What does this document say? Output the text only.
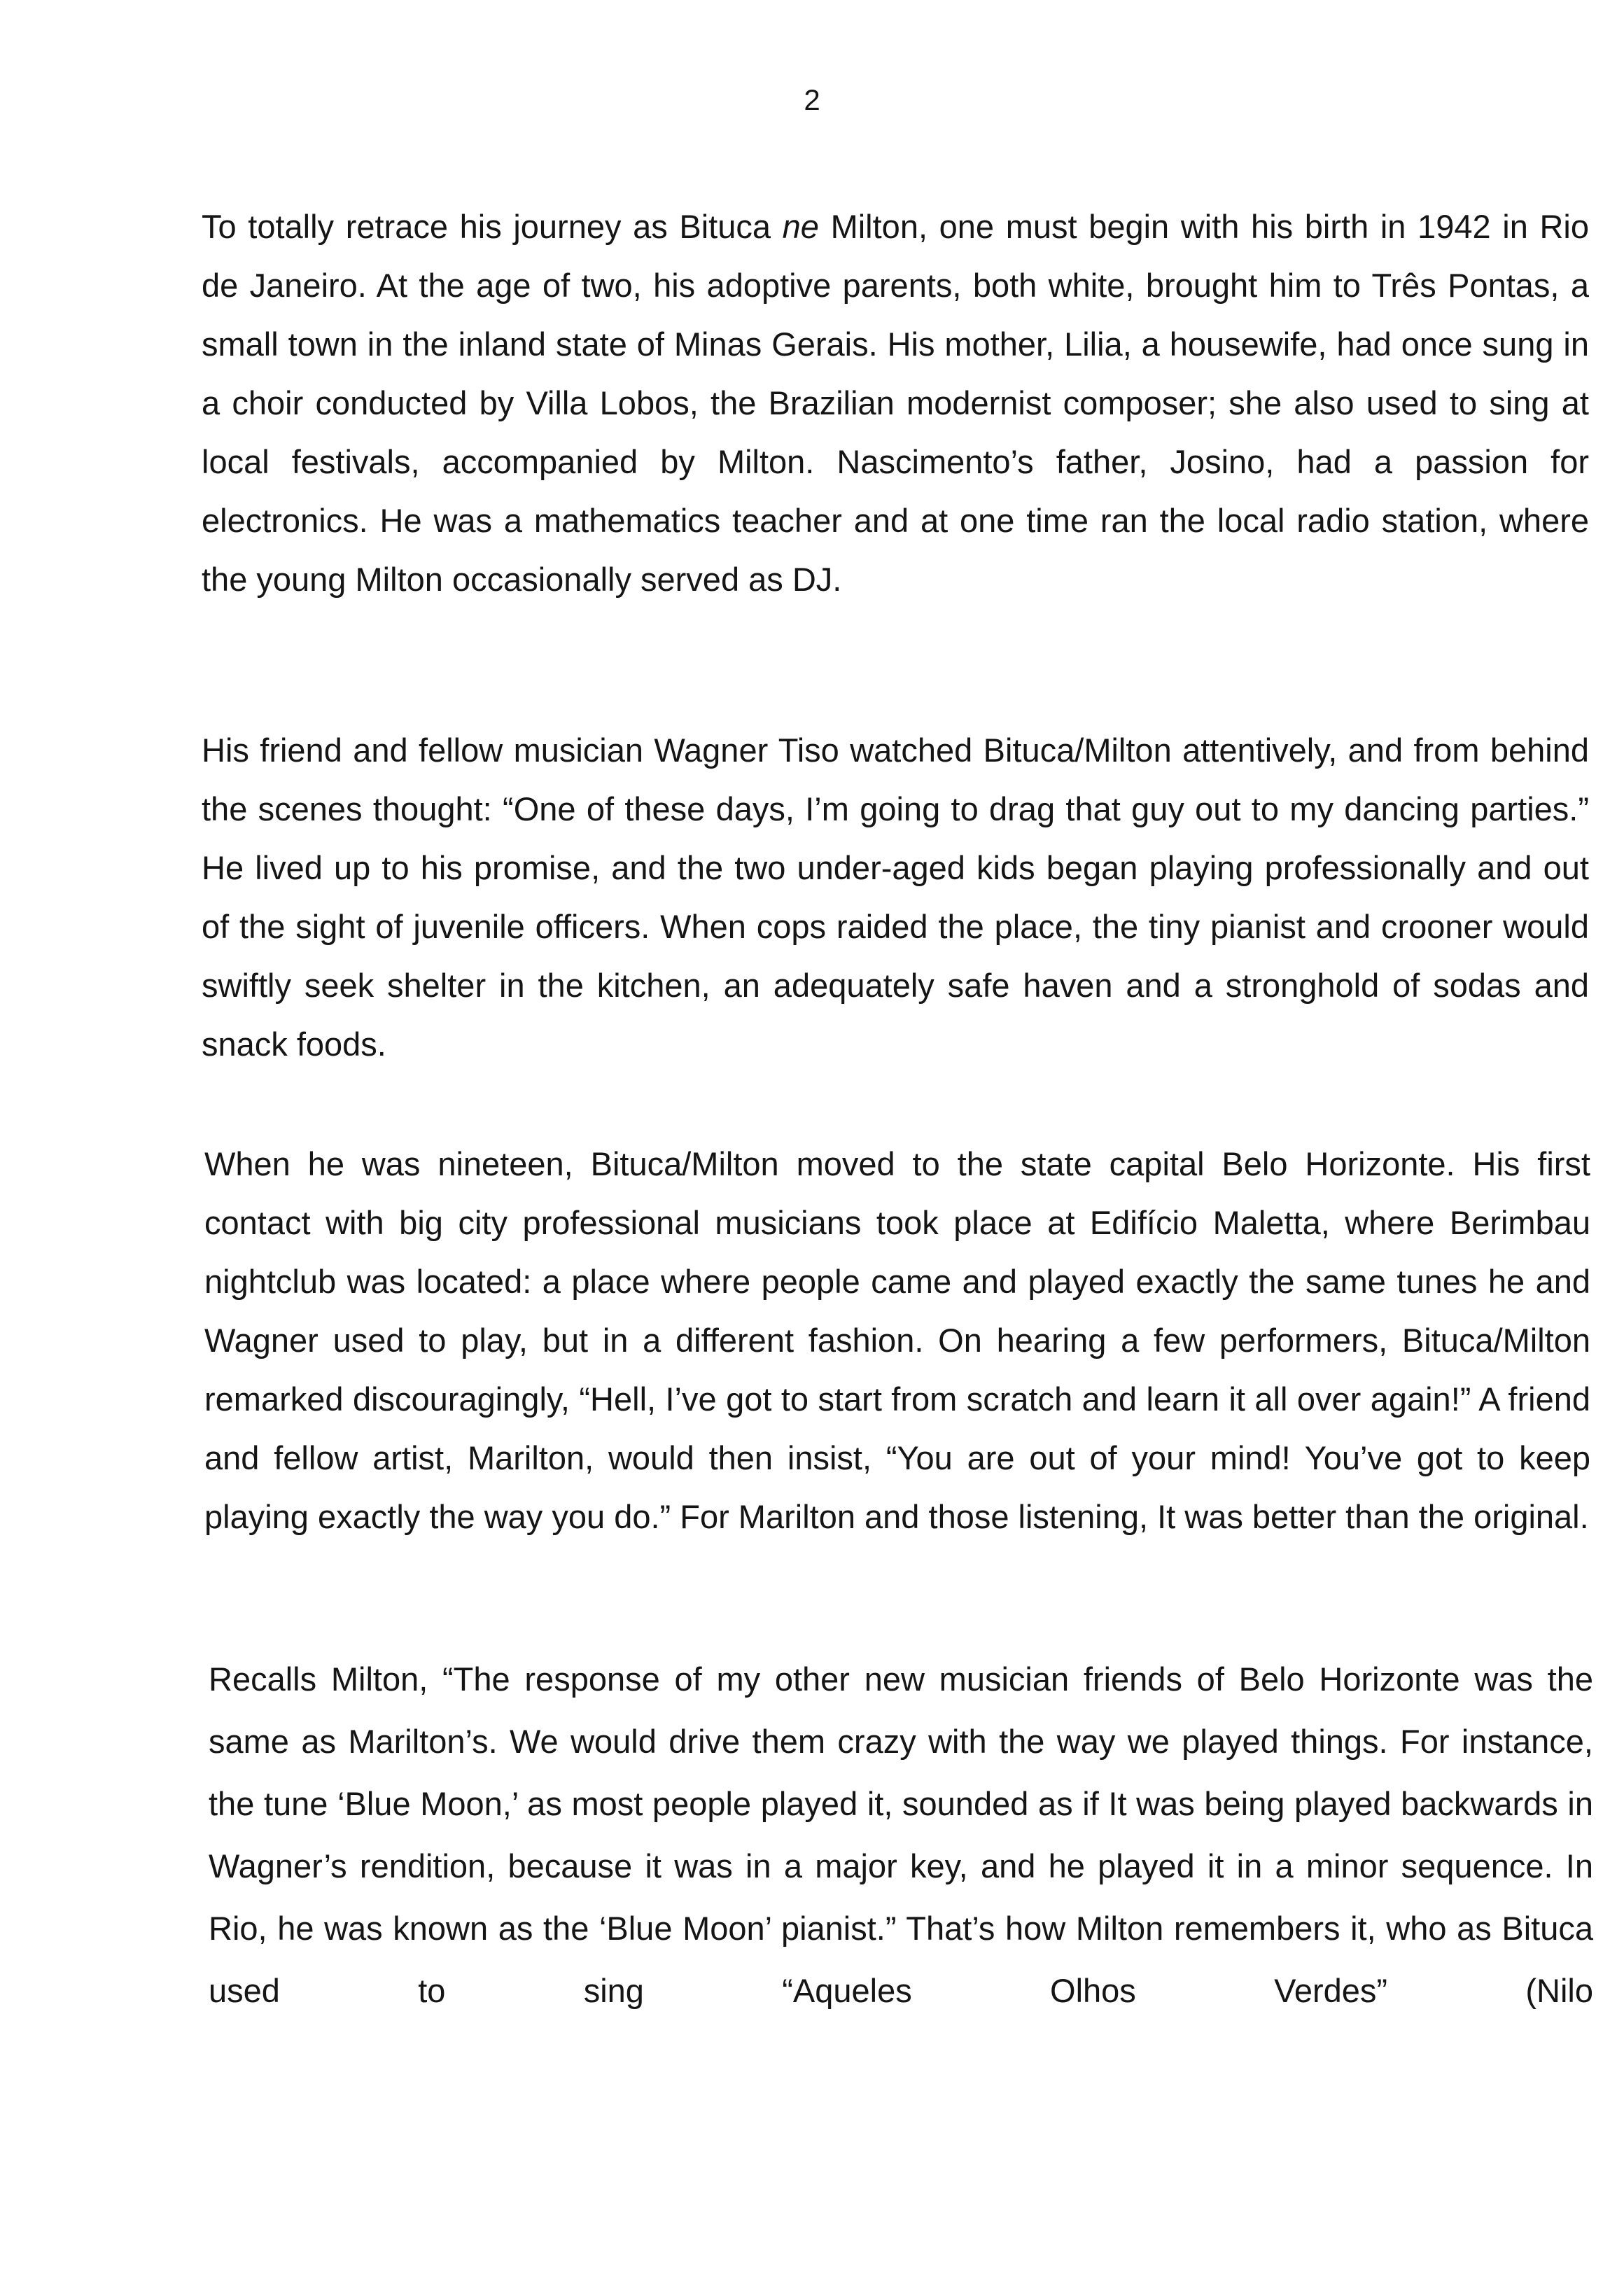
2

To totally retrace his journey as Bituca ne Milton, one must begin with his birth in 1942 in Rio de Janeiro. At the age of two, his adoptive parents, both white, brought him to Três Pontas, a small town in the inland state of Minas Gerais. His mother, Lilia, a housewife, had once sung in a choir conducted by Villa Lobos, the Brazilian modernist composer; she also used to sing at local festivals, accompanied by Milton. Nascimento’s father, Josino, had a passion for electronics. He was a mathematics teacher and at one time ran the local radio station, where the young Milton occasionally served as DJ.

His friend and fellow musician Wagner Tiso watched Bituca/Milton attentively, and from behind the scenes thought: “One of these days, I’m going to drag that guy out to my dancing parties.” He lived up to his promise, and the two under-aged kids began playing professionally and out of the sight of juvenile officers. When cops raided the place, the tiny pianist and crooner would swiftly seek shelter in the kitchen, an adequately safe haven and a stronghold of sodas and snack foods.

When he was nineteen, Bituca/Milton moved to the state capital Belo Horizonte. His first contact with big city professional musicians took place at Edifício Maletta, where Berimbau nightclub was located: a place where people came and played exactly the same tunes he and Wagner used to play, but in a different fashion. On hearing a few performers, Bituca/Milton remarked discouragingly, “Hell, I’ve got to start from scratch and learn it all over again!” A friend and fellow artist, Marilton, would then insist, “You are out of your mind! You’ve got to keep playing exactly the way you do.” For Marilton and those listening, It was better than the original.

Recalls Milton, “The response of my other new musician friends of Belo Horizonte was the same as Marilton’s. We would drive them crazy with the way we played things. For instance, the tune ‘Blue Moon,’ as most people played it, sounded as if It was being played backwards in Wagner’s rendition, because it was in a major key, and he played it in a minor sequence. In Rio, he was known as the ‘Blue Moon’ pianist.” That’s how Milton remembers it, who as Bituca used to sing “Aqueles Olhos Verdes” (Nilo
